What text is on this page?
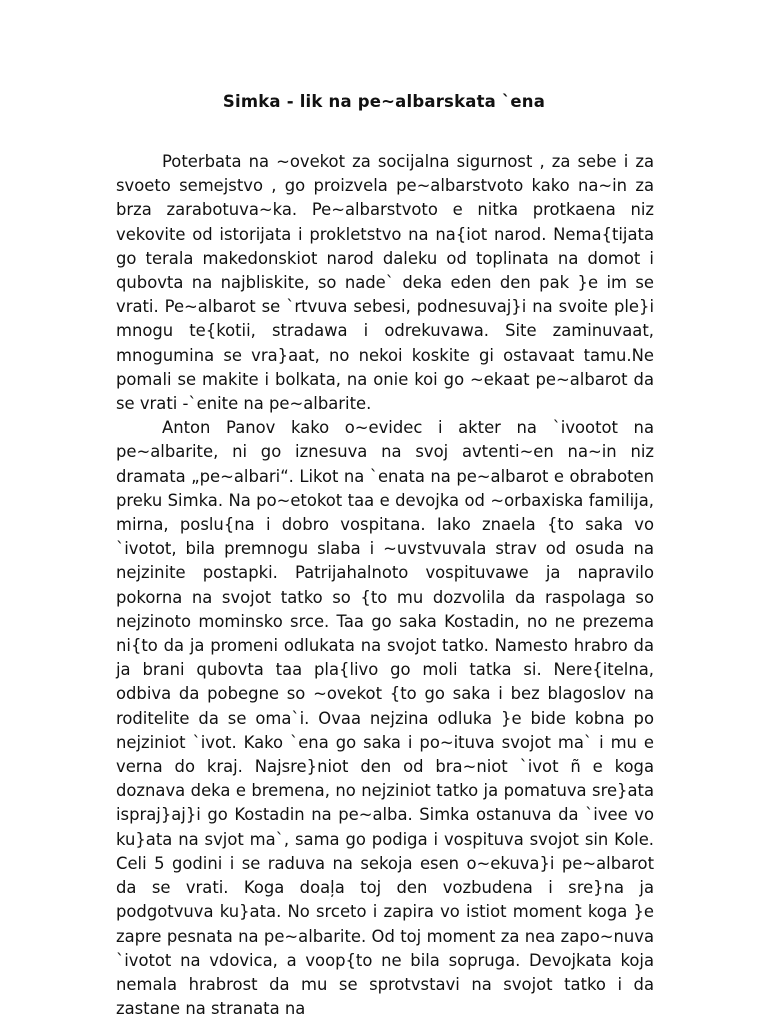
Simka - lik na pe~albarskata `ena

Poterbata na ~ovekot za socijalna sigurnost , za sebe i za svoeto semejstvo , go proizvela pe~albarstvoto kako na~in za brza zarabotuva~ka. Pe~albarstvoto e nitka protkaena niz vekovite od istorijata i prokletstvo na na{iot narod. Nema{tijata go terala makedonskiot narod daleku od toplinata na domot i qubovta na najbliskite, so nade` deka eden den pak }e im se vrati. Pe~albarot se `rtvuva sebesi, podnesuvaj}i na svoite ple}i mnogu te{kotii, stradawa i odrekuvawa. Site zaminuvaat, mnogumina se vra}aat, no nekoi koskite gi ostavaat tamu.Ne pomali se makite i bolkata, na onie koi go ~ekaat pe~albarot da se vrati -`enite na pe~albarite.

Anton Panov kako o~evidec i akter na `ivootot na pe~albarite, ni go iznesuva na svoj avtenti~en na~in niz dramata „pe~albari“. Likot na `enata na pe~albarot e obraboten preku Simka. Na po~etokot taa e devojka od ~orbaxiska familija, mirna, poslu{na i dobro vospitana. Iako znaela {to saka vo `ivotot, bila premnogu slaba i ~uvstvuvala strav od osuda na nejzinite postapki. Patrijahalnoto vospituvawe ja napravilo pokorna na svojot tatko so {to mu dozvolila da raspolaga so nejzinoto mominsko srce. Taa go saka Kostadin, no ne prezema ni{to da ja promeni odlukata na svojot tatko. Namesto hrabro da ja brani qubovta taa pla{livo go moli tatka si. Nere{itelna, odbiva da pobegne so ~ovekot {to go saka i bez blagoslov na roditelite da se oma`i. Ovaa nejzina odluka }e bide kobna po nejziniot `ivot. Kako `ena go saka i po~ituva svojot ma` i mu e verna do kraj. Najsre}niot den od bra~niot `ivot ñ e koga doznava deka e bremena, no nejziniot tatko ja pomatuva sre}ata ispraj}aj}i go Kostadin na pe~alba. Simka ostanuva da `ivee vo ku}ata na svjot ma`, sama go podiga i vospituva svojot sin Kole. Celi 5 godini i se raduva na sekoja esen o~ekuva}i pe~albarot da se vrati. Koga doaļa toj den vozbudena i sre}na ja podgotvuva ku}ata. No srceto i zapira vo istiot moment koga }e zapre pesnata na pe~albarite. Od toj moment za nea zapo~nuva `ivotot na vdovica, a voop{to ne bila sopruga. Devojkata koja nemala hrabrost da mu se sprotvstavi na svojot tatko i da zastane na stranata na
